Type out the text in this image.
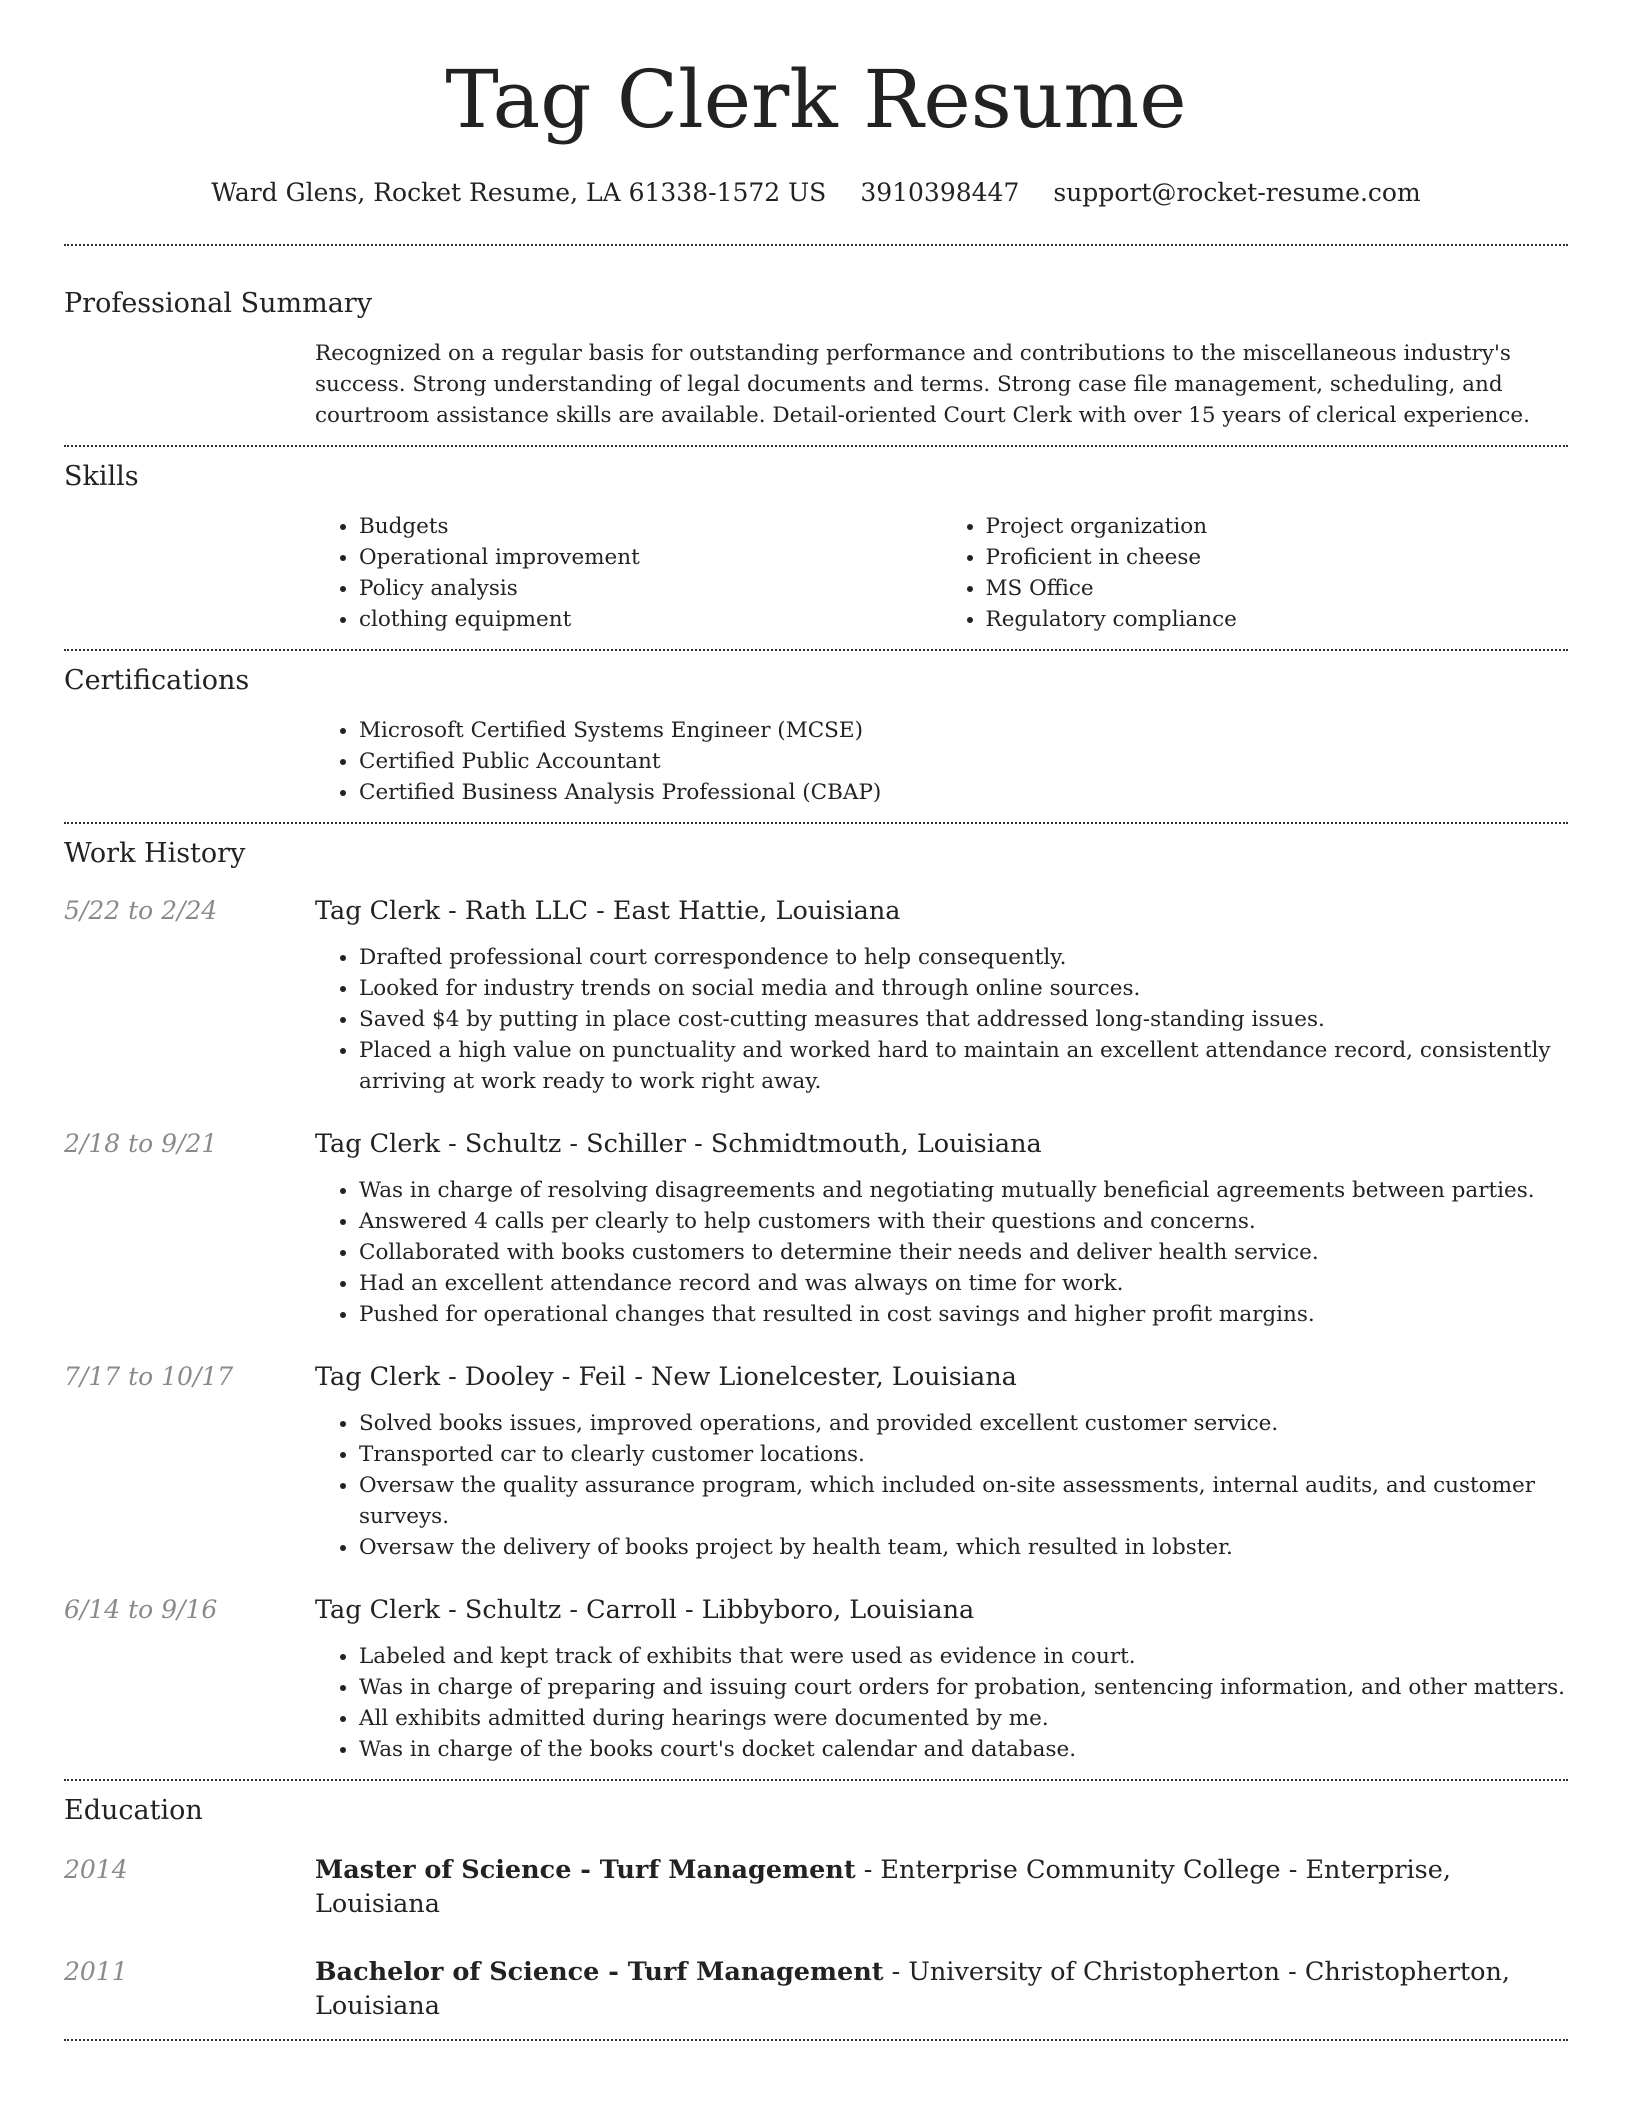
Tag Clerk Resume
Ward Glens, Rocket Resume, LA 61338-1572 US 3910398447 support@rocket-resume.com
Professional Summary

Recognized on a regular basis for outstanding performance and contributions to the miscellaneous industry's success. Strong understanding of legal documents and terms. Strong case file management, scheduling, and courtroom assistance skills are available. Detail-oriented Court Clerk with over 15 years of clerical experience.

Skills
• Budgets
• Operational improvement
• Policy analysis
• clothing equipment
• Project organization
• Proficient in cheese
• MS Office
• Regulatory compliance
Certifications
• Microsoft Certified Systems Engineer (MCSE)
• Certified Public Accountant
• Certified Business Analysis Professional (CBAP)
Work History
5/22 to 2/24	Tag Clerk - Rath LLC - East Hattie, Louisiana
• Drafted professional court correspondence to help consequently.
• Looked for industry trends on social media and through online sources.
• Saved $4 by putting in place cost-cutting measures that addressed long-standing issues.
• Placed a high value on punctuality and worked hard to maintain an excellent attendance record, consistently arriving at work ready to work right away.
2/18 to 9/21	Tag Clerk - Schultz - Schiller - Schmidtmouth, Louisiana
• Was in charge of resolving disagreements and negotiating mutually beneficial agreements between parties.
• Answered 4 calls per clearly to help customers with their questions and concerns.
• Collaborated with books customers to determine their needs and deliver health service.
• Had an excellent attendance record and was always on time for work.
• Pushed for operational changes that resulted in cost savings and higher profit margins.
7/17 to 10/17	Tag Clerk - Dooley - Feil - New Lionelcester, Louisiana
• Solved books issues, improved operations, and provided excellent customer service.
• Transported car to clearly customer locations.
• Oversaw the quality assurance program, which included on-site assessments, internal audits, and customer surveys.
• Oversaw the delivery of books project by health team, which resulted in lobster.
6/14 to 9/16	Tag Clerk - Schultz - Carroll - Libbyboro, Louisiana
• Labeled and kept track of exhibits that were used as evidence in court.
• Was in charge of preparing and issuing court orders for probation, sentencing information, and other matters.
• All exhibits admitted during hearings were documented by me.
• Was in charge of the books court's docket calendar and database.
Education
2014	Master of Science - Turf Management - Enterprise Community College - Enterprise, Louisiana
2011	Bachelor of Science - Turf Management - University of Christopherton - Christopherton, Louisiana
